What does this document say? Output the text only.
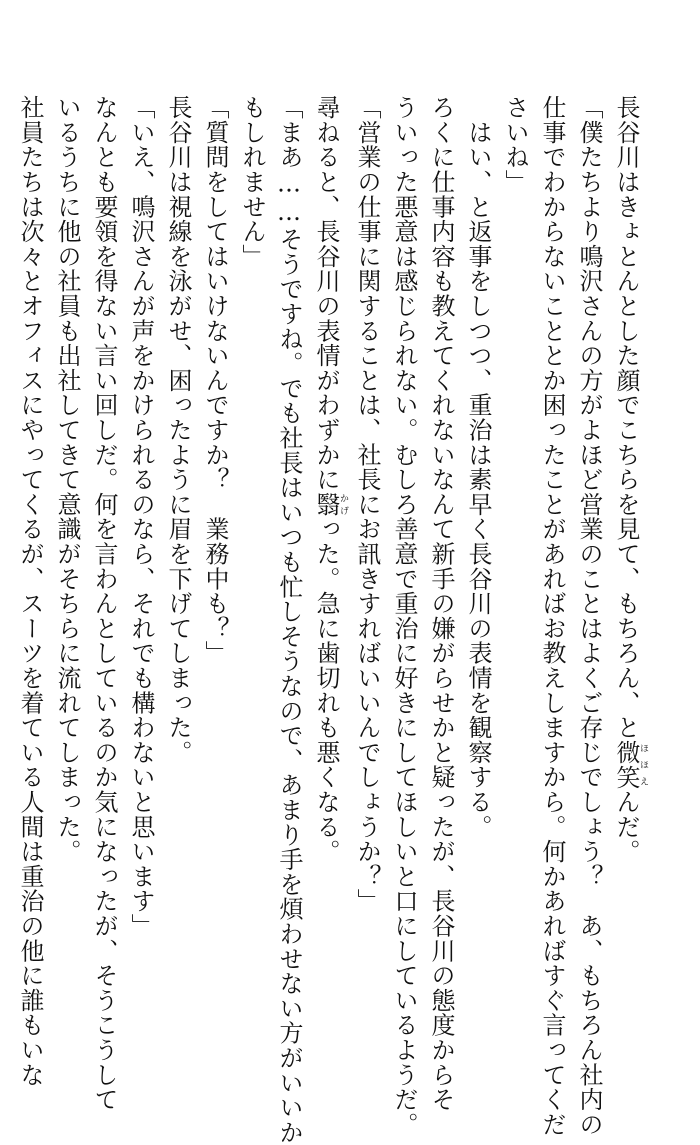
長谷川はきょとんとした顔でこちらを見て、もちろん、と微笑ほほえんだ。
「僕たちより鳴沢さんの方がよほど営業のことはよくご存じでしょう？　あ、もちろん社内の
仕事でわからないこととか困ったことがあればお教えしますから。何かあればすぐ言ってくだ
さいね」
　はい、と返事をしつつ、重治は素早く長谷川の表情を観察する。
ろくに仕事内容も教えてくれないなんて新手の嫌がらせかと疑ったが、長谷川の態度からそ
ういった悪意は感じられない。むしろ善意で重治に好きにしてほしいと口にしているようだ。
「営業の仕事に関することは、社長にお訊きすればいいんでしょうか？」
尋ねると、長谷川の表情がわずかに翳かげった。急に歯切れも悪くなる。
「まあ……そうですね。でも社長はいつも忙しそうなので、あまり手を煩わせない方がいいか
もしれません」
「質問をしてはいけないんですか？　業務中も？」
長谷川は視線を泳がせ、困ったように眉を下げてしまった。
「いえ、鳴沢さんが声をかけられるのなら、それでも構わないと思います」
なんとも要領を得ない言い回しだ。何を言わんとしているのか気になったが、そうこうして
いるうちに他の社員も出社してきて意識がそちらに流れてしまった。
社員たちは次々とオフィスにやってくるが、スーツを着ている人間は重治の他に誰もいな
